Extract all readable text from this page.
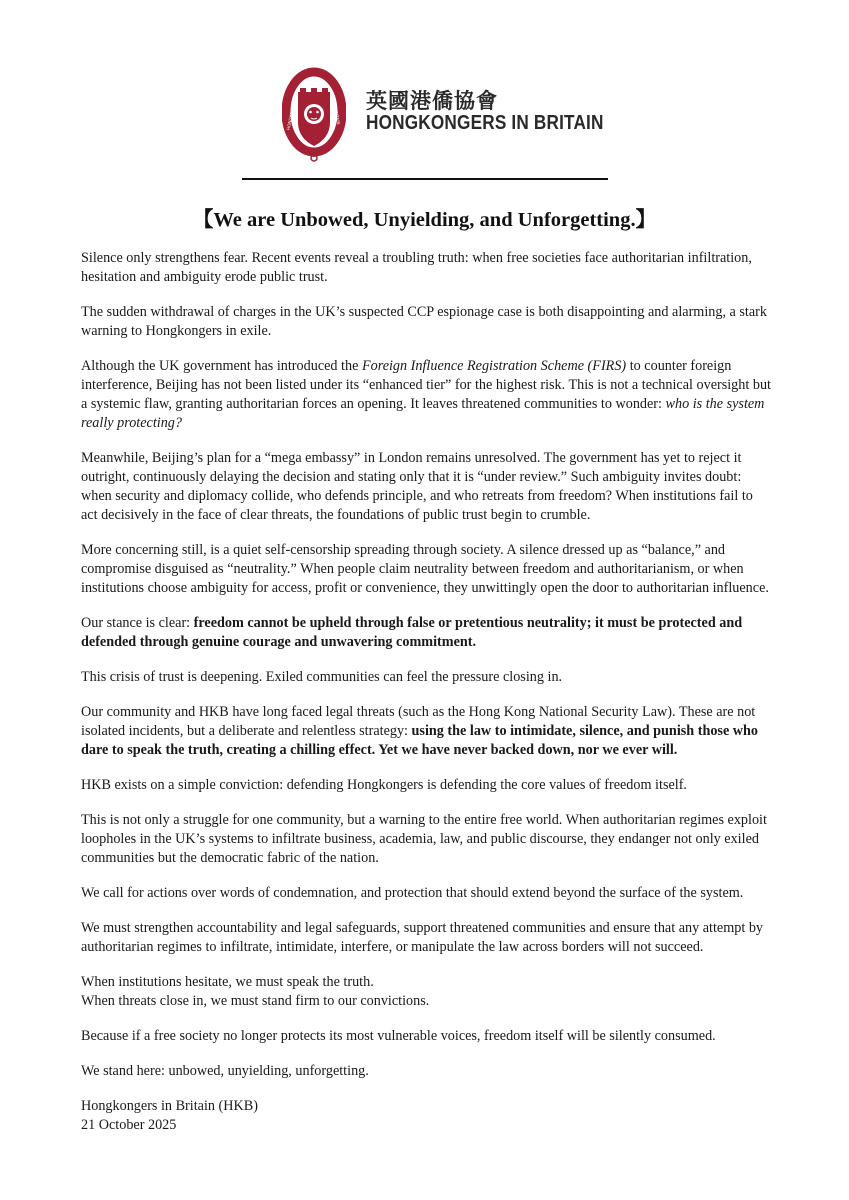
賣身
HONGKONGERS	IN BRITAIN
英國港僑協會
HONGKONGERS IN BRITAIN
【We are Unbowed, Unyielding, and Unforgetting.】

Silence only strengthens fear. Recent events reveal a troubling truth: when free societies face authoritarian infiltration, hesitation and ambiguity erode public trust.

The sudden withdrawal of charges in the UK’s suspected CCP espionage case is both disappointing and alarming, a stark warning to Hongkongers in exile.

Although the UK government has introduced the Foreign Influence Registration Scheme (FIRS) to counter foreign interference, Beijing has not been listed under its “enhanced tier” for the highest risk. This is not a technical oversight but a systemic flaw, granting authoritarian forces an opening. It leaves threatened communities to wonder: who is the system really protecting?

Meanwhile, Beijing’s plan for a “mega embassy” in London remains unresolved. The government has yet to reject it outright, continuously delaying the decision and stating only that it is “under review.” Such ambiguity invites doubt: when security and diplomacy collide, who defends principle, and who retreats from freedom? When institutions fail to act decisively in the face of clear threats, the foundations of public trust begin to crumble.

More concerning still, is a quiet self-censorship spreading through society. A silence dressed up as “balance,” and compromise disguised as “neutrality.” When people claim neutrality between freedom and authoritarianism, or when institutions choose ambiguity for access, profit or convenience, they unwittingly open the door to authoritarian influence.

Our stance is clear: freedom cannot be upheld through false or pretentious neutrality; it must be protected and defended through genuine courage and unwavering commitment.

This crisis of trust is deepening. Exiled communities can feel the pressure closing in.

Our community and HKB have long faced legal threats (such as the Hong Kong National Security Law). These are not isolated incidents, but a deliberate and relentless strategy: using the law to intimidate, silence, and punish those who dare to speak the truth, creating a chilling effect. Yet we have never backed down, nor we ever will.

HKB exists on a simple conviction: defending Hongkongers is defending the core values of freedom itself.

This is not only a struggle for one community, but a warning to the entire free world. When authoritarian regimes exploit loopholes in the UK’s systems to infiltrate business, academia, law, and public discourse, they endanger not only exiled communities but the democratic fabric of the nation.

We call for actions over words of condemnation, and protection that should extend beyond the surface of the system.

We must strengthen accountability and legal safeguards, support threatened communities and ensure that any attempt by authoritarian regimes to infiltrate, intimidate, interfere, or manipulate the law across borders will not succeed.

When institutions hesitate, we must speak the truth.

When threats close in, we must stand firm to our convictions.

Because if a free society no longer protects its most vulnerable voices, freedom itself will be silently consumed.

We stand here: unbowed, unyielding, unforgetting.

Hongkongers in Britain (HKB)

21 October 2025
